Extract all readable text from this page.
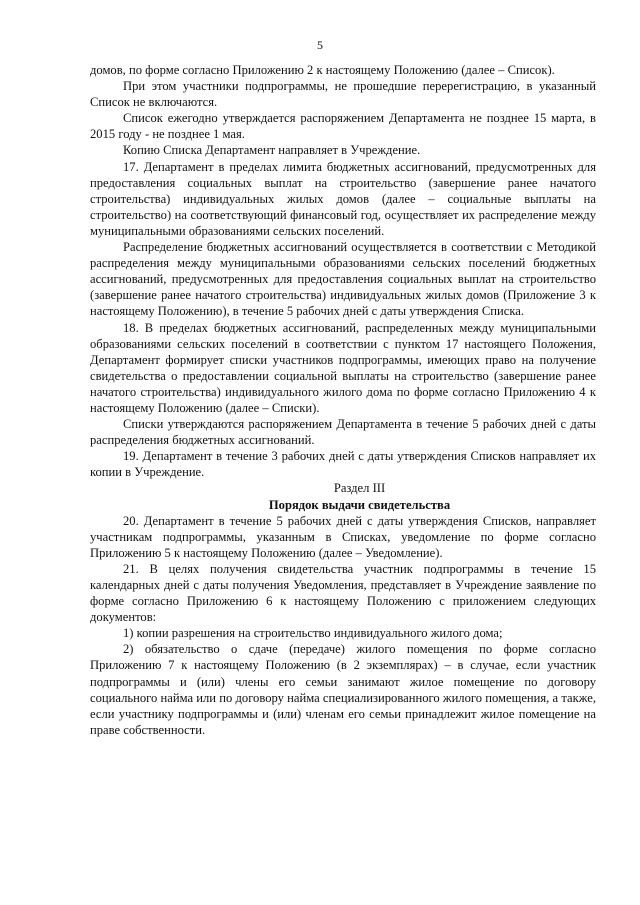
5

домов, по форме согласно Приложению 2 к настоящему Положению (далее – Список).

При этом участники подпрограммы, не прошедшие перерегистрацию, в указанный Список не включаются.

Список ежегодно утверждается распоряжением Департамента не позднее 15 марта, в 2015 году - не позднее 1 мая.

Копию Списка Департамент направляет в Учреждение.

17. Департамент в пределах лимита бюджетных ассигнований, предусмотренных для предоставления социальных выплат на строительство (завершение ранее начатого строительства) индивидуальных жилых домов (далее – социальные выплаты на строительство) на соответствующий финансовый год, осуществляет их распределение между муниципальными образованиями сельских поселений.

Распределение бюджетных ассигнований осуществляется в соответствии с Методикой распределения между муниципальными образованиями сельских поселений бюджетных ассигнований, предусмотренных для предоставления социальных выплат на строительство (завершение ранее начатого строительства) индивидуальных жилых домов (Приложение 3 к настоящему Положению), в течение 5 рабочих дней с даты утверждения Списка.

18. В пределах бюджетных ассигнований, распределенных между муниципальными образованиями сельских поселений в соответствии с пунктом 17 настоящего Положения, Департамент формирует списки участников подпрограммы, имеющих право на получение свидетельства о предоставлении социальной выплаты на строительство (завершение ранее начатого строительства) индивидуального жилого дома по форме согласно Приложению 4 к настоящему Положению (далее – Списки).

Списки утверждаются распоряжением Департамента в течение 5 рабочих дней с даты распределения бюджетных ассигнований.

19. Департамент в течение 3 рабочих дней с даты утверждения Списков направляет их копии в Учреждение.

Раздел III

Порядок выдачи свидетельства

20. Департамент в течение 5 рабочих дней с даты утверждения Списков, направляет участникам подпрограммы, указанным в Списках, уведомление по форме согласно Приложению 5 к настоящему Положению (далее – Уведомление).

21. В целях получения свидетельства участник подпрограммы в течение 15 календарных дней с даты получения Уведомления, представляет в Учреждение заявление по форме согласно Приложению 6 к настоящему Положению с приложением следующих документов:

1) копии разрешения на строительство индивидуального жилого дома;

2) обязательство о сдаче (передаче) жилого помещения по форме согласно Приложению 7 к настоящему Положению (в 2 экземплярах) – в случае, если участник подпрограммы и (или) члены его семьи занимают жилое помещение по договору социального найма или по договору найма специализированного жилого помещения, а также, если участнику подпрограммы и (или) членам его семьи принадлежит жилое помещение на праве собственности.
